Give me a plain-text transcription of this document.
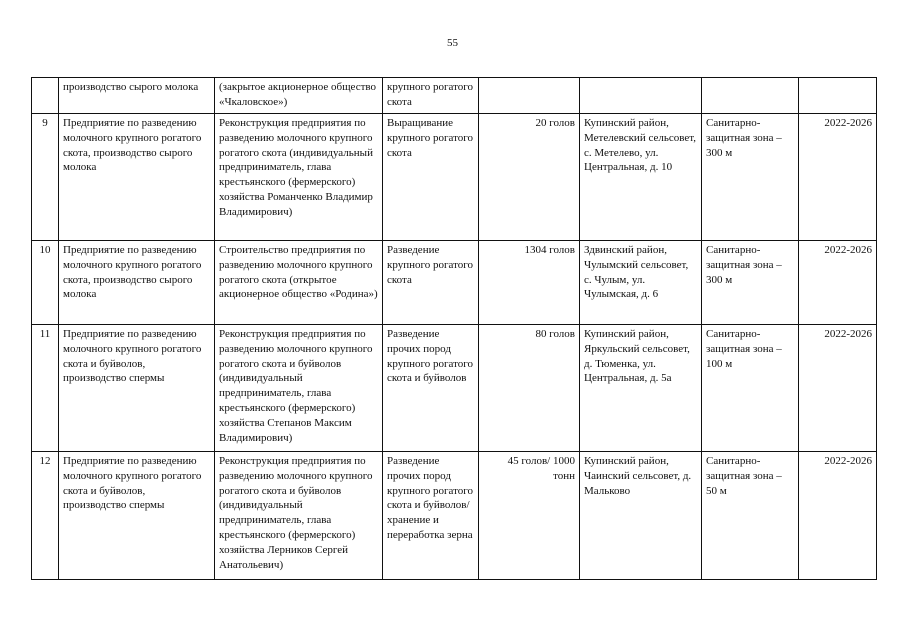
55
	производство сырого молока	(закрытое акционерное общество «Чкаловское»)	крупного рогатого скота				
9	Предприятие по разведению молочного крупного рогатого скота, производство сырого молока	Реконструкция предприятия по разведению молочного крупного рогатого скота (индивидуальный предприниматель, глава крестьянского (фермерского) хозяйства Романченко Владимир Владимирович)	Выращивание крупного рогатого скота	20 голов	Купинский район, Метелевский сельсовет, с. Метелево, ул. Центральная, д. 10	Санитарно-защитная зона – 300 м	2022-2026
10	Предприятие по разведению молочного крупного рогатого скота, производство сырого молока	Строительство предприятия по разведению молочного крупного рогатого скота (открытое акционерное общество «Родина»)	Разведение крупного рогатого скота	1304 голов	Здвинский район, Чулымский сельсовет, с. Чулым, ул. Чулымская, д. 6	Санитарно-защитная зона – 300 м	2022-2026
11	Предприятие по разведению молочного крупного рогатого скота и буйволов, производство спермы	Реконструкция предприятия по разведению молочного крупного рогатого скота и буйволов (индивидуальный предприниматель, глава крестьянского (фермерского) хозяйства Степанов Максим Владимирович)	Разведение прочих пород крупного рогатого скота и буйволов	80 голов	Купинский район, Яркульский сельсовет, д. Тюменка, ул. Центральная, д. 5а	Санитарно-защитная зона – 100 м	2022-2026
12	Предприятие по разведению молочного крупного рогатого скота и буйволов, производство спермы	Реконструкция предприятия по разведению молочного крупного рогатого скота и буйволов (индивидуальный предприниматель, глава крестьянского (фермерского) хозяйства Лерников Сергей Анатольевич)	Разведение прочих пород крупного рогатого скота и буйволов/ хранение и переработка зерна	45 голов/ 1000 тонн	Купинский район, Чаинский сельсовет, д. Мальково	Санитарно-защитная зона – 50 м	2022-2026
